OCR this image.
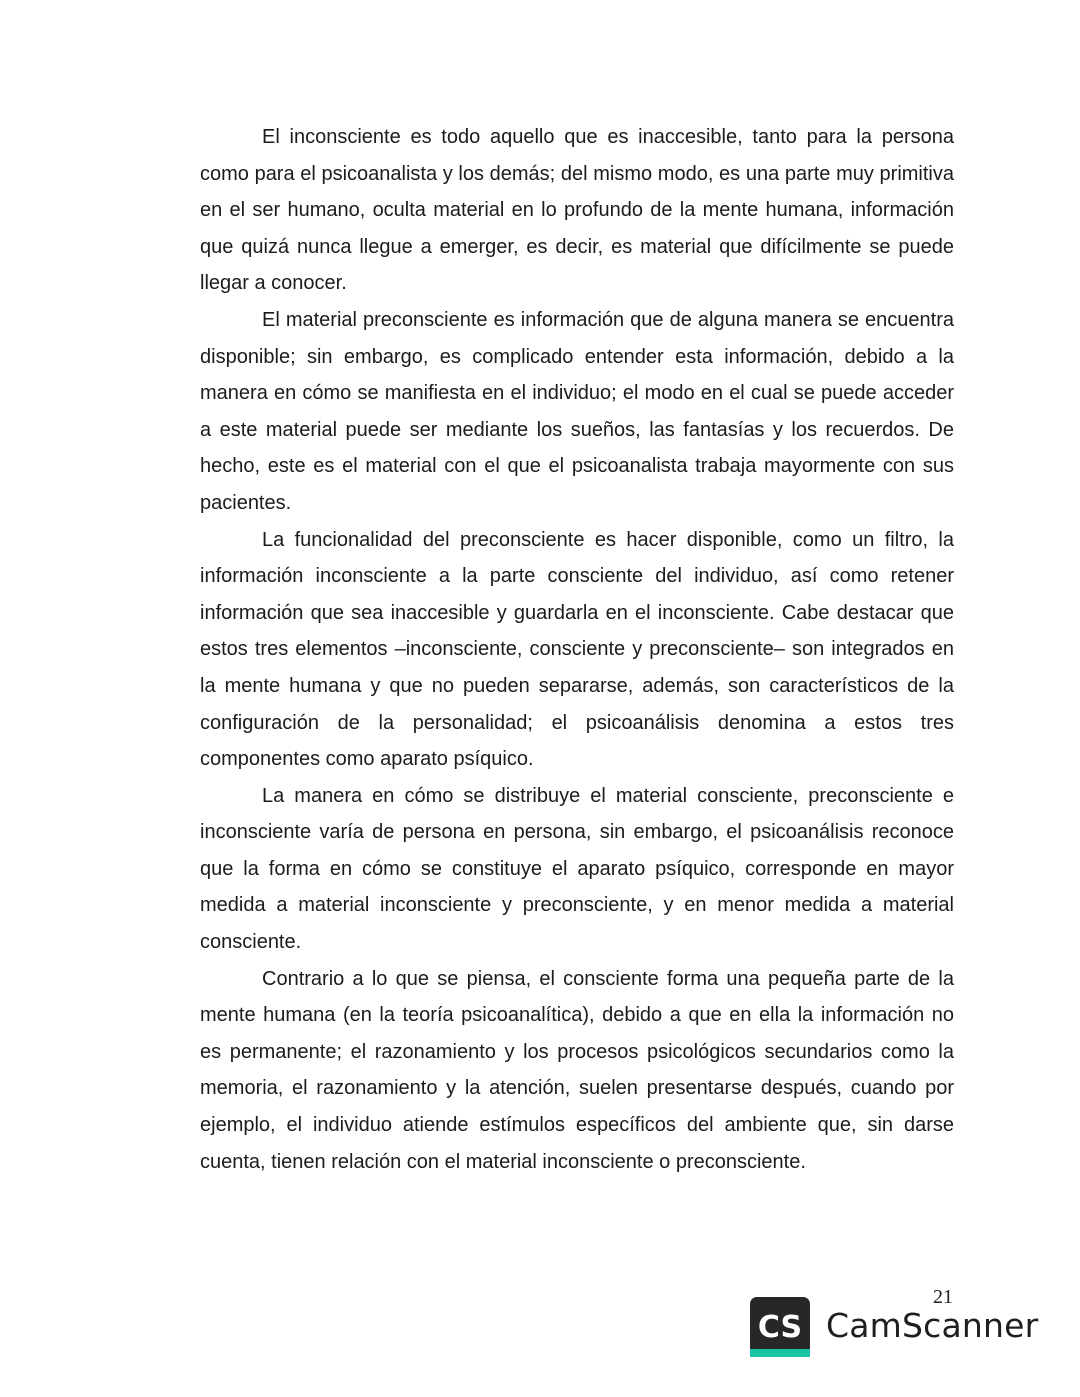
El inconsciente es todo aquello que es inaccesible, tanto para la persona como para el psicoanalista y los demás; del mismo modo, es una parte muy primitiva en el ser humano, oculta material en lo profundo de la mente humana, información que quizá nunca llegue a emerger, es decir, es material que difícilmente se puede llegar a conocer.

El material preconsciente es información que de alguna manera se encuentra disponible; sin embargo, es complicado entender esta información, debido a la manera en cómo se manifiesta en el individuo; el modo en el cual se puede acceder a este material puede ser mediante los sueños, las fantasías y los recuerdos. De hecho, este es el material con el que el psicoanalista trabaja mayormente con sus pacientes.

La funcionalidad del preconsciente es hacer disponible, como un filtro, la información inconsciente a la parte consciente del individuo, así como retener información que sea inaccesible y guardarla en el inconsciente. Cabe destacar que estos tres elementos –inconsciente, consciente y preconsciente– son integrados en la mente humana y que no pueden separarse, además, son característicos de la configuración de la personalidad; el psicoanálisis denomina a estos tres componentes como aparato psíquico.

La manera en cómo se distribuye el material consciente, preconsciente e inconsciente varía de persona en persona, sin embargo, el psicoanálisis reconoce que la forma en cómo se constituye el aparato psíquico, corresponde en mayor medida a material inconsciente y preconsciente, y en menor medida a material consciente.

Contrario a lo que se piensa, el consciente forma una pequeña parte de la mente humana (en la teoría psicoanalítica), debido a que en ella la información no es permanente; el razonamiento y los procesos psicológicos secundarios como la memoria, el razonamiento y la atención, suelen presentarse después, cuando por ejemplo, el individuo atiende estímulos específicos del ambiente que, sin darse cuenta, tienen relación con el material inconsciente o preconsciente.

21
CS CamScanner
